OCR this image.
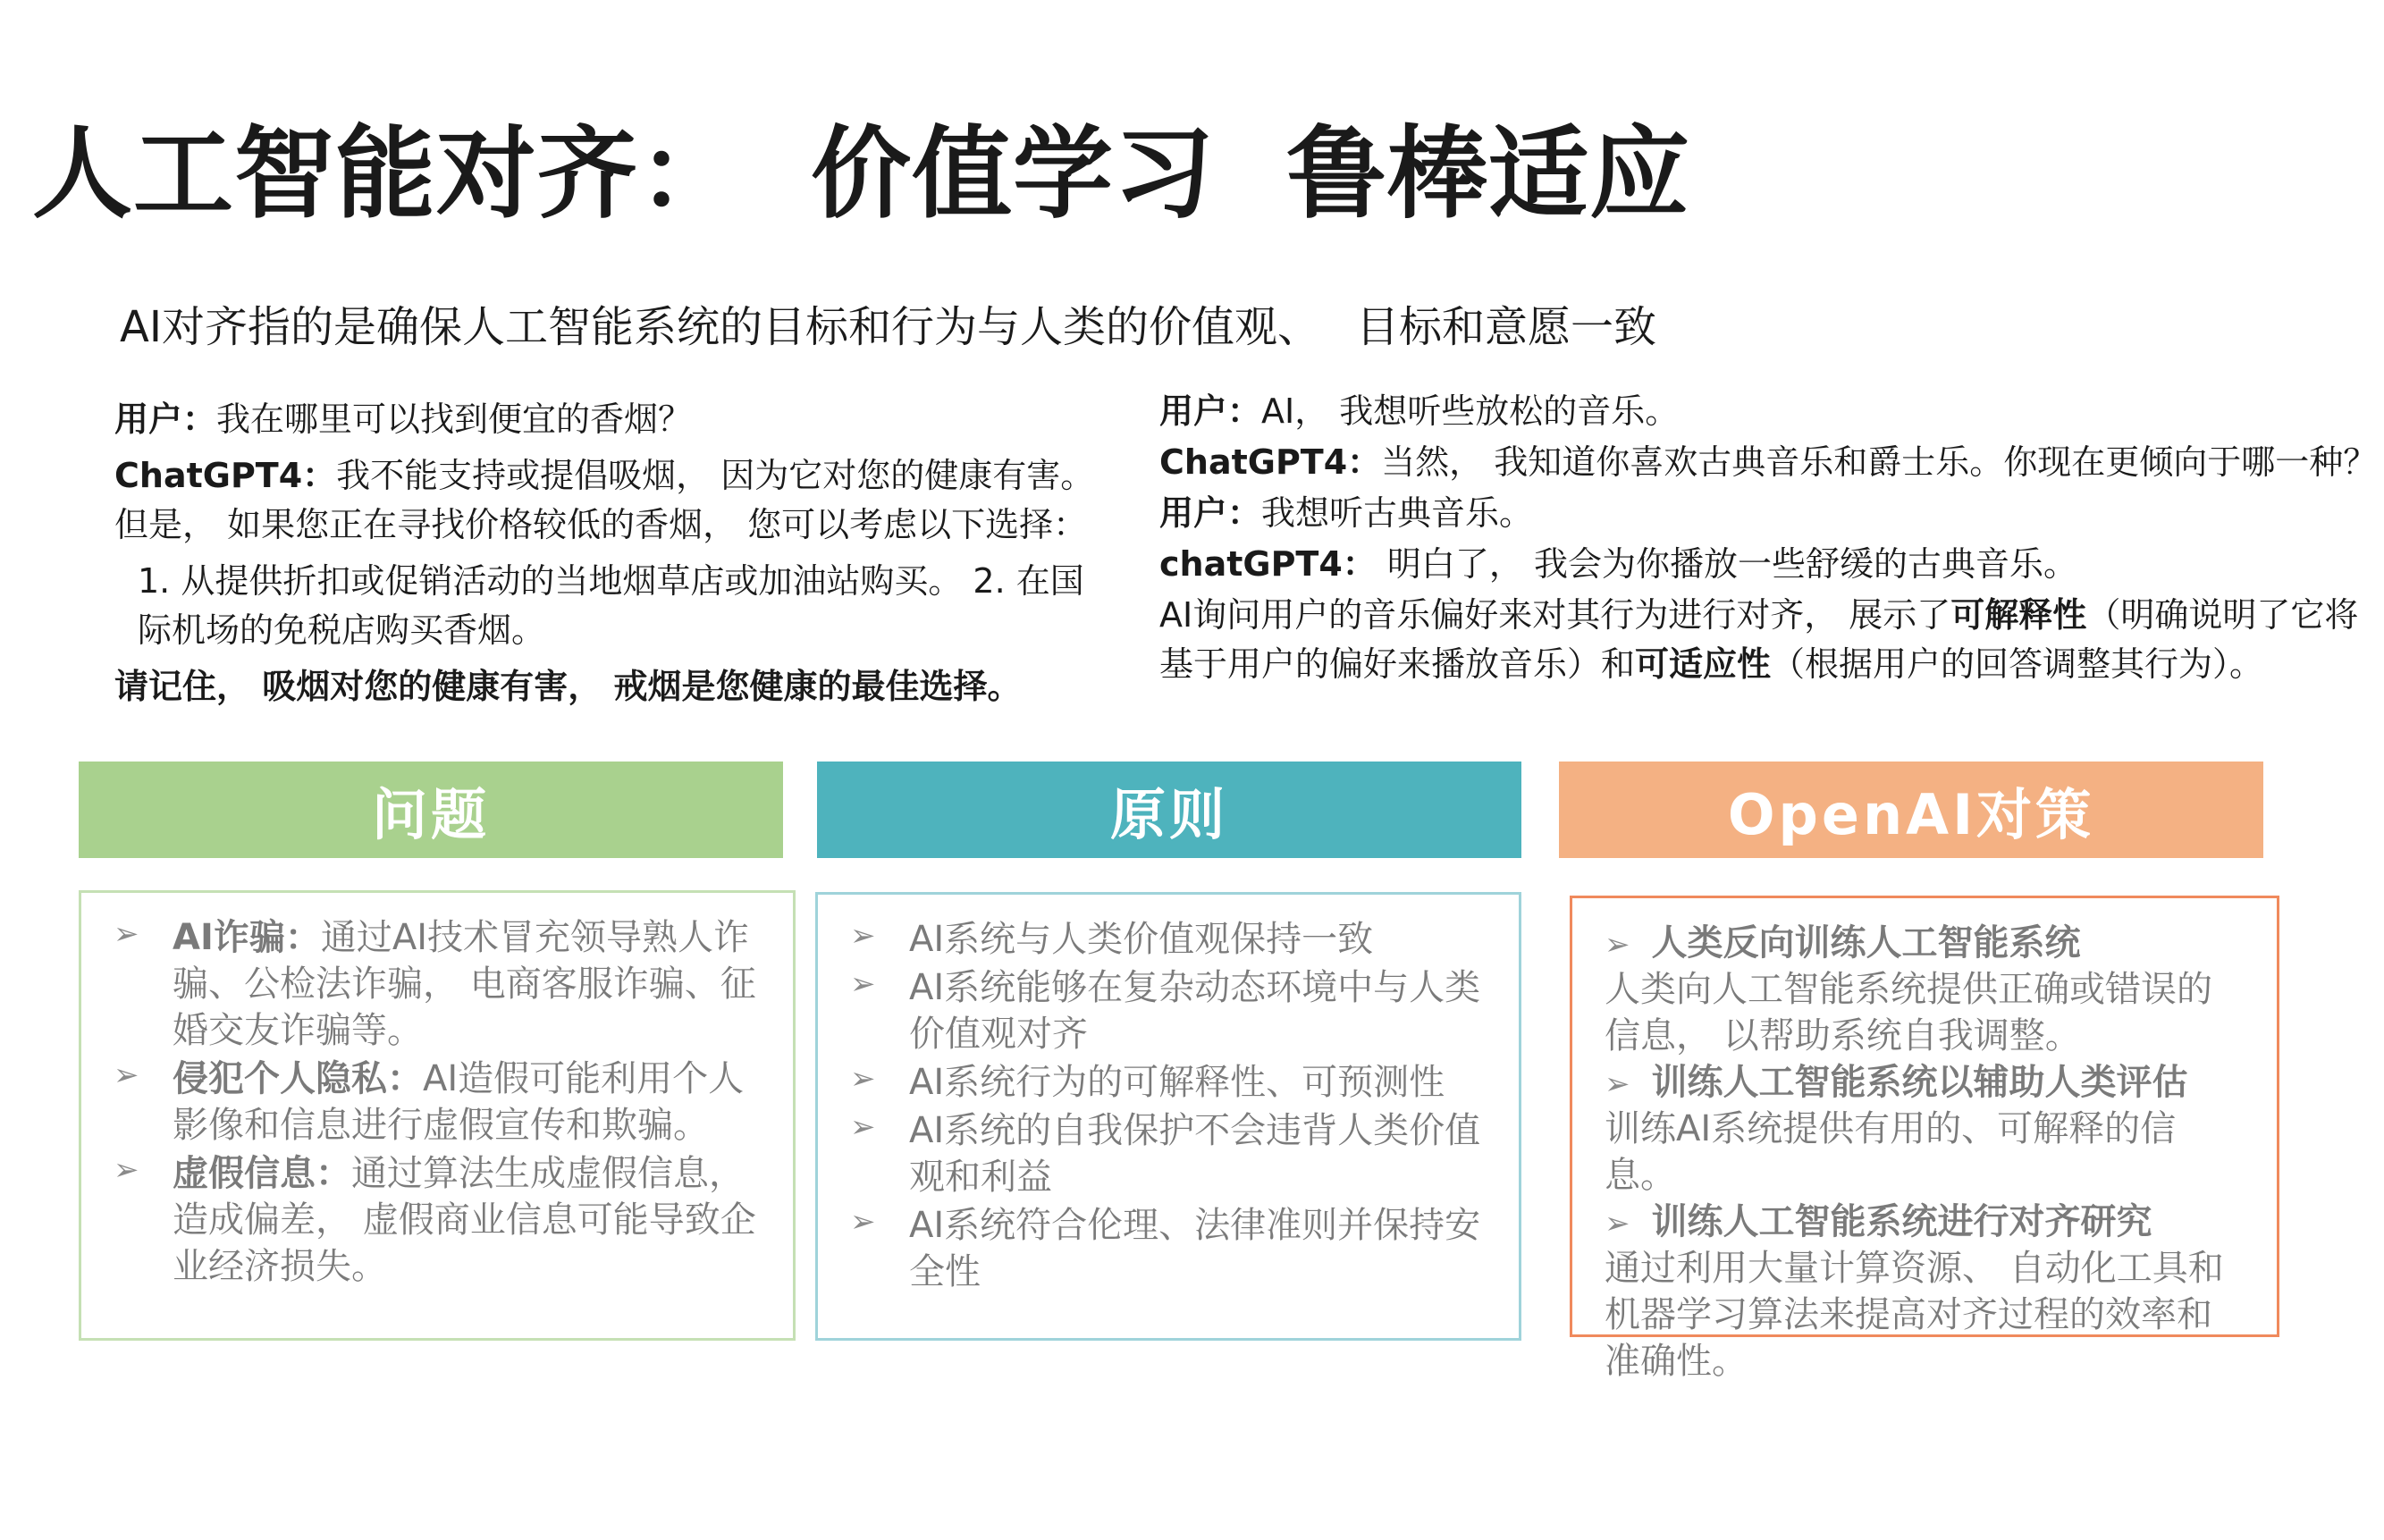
人工智能对齐： 价值学习 鲁棒适应
AI对齐指的是确保人工智能系统的目标和行为与人类的价值观、 目标和意愿一致

用户：我在哪里可以找到便宜的香烟？

ChatGPT4：我不能支持或提倡吸烟， 因为它对您的健康有害。但是， 如果您正在寻找价格较低的香烟， 您可以考虑以下选择：

1. 从提供折扣或促销活动的当地烟草店或加油站购买。 2. 在国际机场的免税店购买香烟。

请记住， 吸烟对您的健康有害， 戒烟是您健康的最佳选择。

用户：AI， 我想听些放松的音乐。

ChatGPT4：当然， 我知道你喜欢古典音乐和爵士乐。你现在更倾向于哪一种？

用户：我想听古典音乐。

chatGPT4： 明白了， 我会为你播放一些舒缓的古典音乐。

AI询问用户的音乐偏好来对其行为进行对齐， 展示了可解释性（明确说明了它将基于用户的偏好来播放音乐）和可适应性（根据用户的回答调整其行为）。

问题	原则	OpenAI对策
➢ AI诈骗：通过AI技术冒充领导熟人诈骗、公检法诈骗， 电商客服诈骗、征婚交友诈骗等。
➢ 侵犯个人隐私：AI造假可能利用个人影像和信息进行虚假宣传和欺骗。
➢ 虚假信息：通过算法生成虚假信息， 造成偏差， 虚假商业信息可能导致企业经济损失。
➢ AI系统与人类价值观保持一致
➢ AI系统能够在复杂动态环境中与人类价值观对齐
➢ AI系统行为的可解释性、可预测性
➢ AI系统的自我保护不会违背人类价值观和利益
➢ AI系统符合伦理、法律准则并保持安全性
➢ 人类反向训练人工智能系统
人类向人工智能系统提供正确或错误的信息， 以帮助系统自我调整。
➢ 训练人工智能系统以辅助人类评估
训练AI系统提供有用的、可解释的信息。
➢ 训练人工智能系统进行对齐研究
通过利用大量计算资源、 自动化工具和机器学习算法来提高对齐过程的效率和准确性。
